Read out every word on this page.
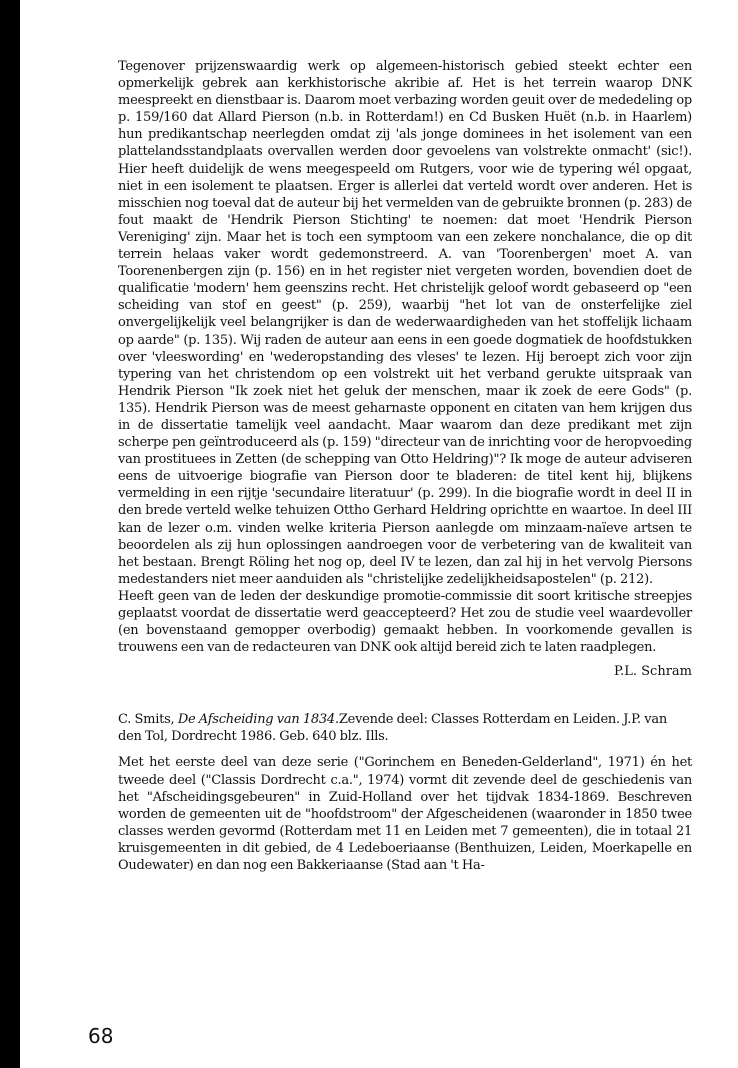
Tegenover prijzenswaardig werk op algemeen-historisch gebied steekt echter een opmerkelijk gebrek aan kerkhistorische akribie af. Het is het terrein waarop DNK meespreekt en dienstbaar is. Daarom moet verbazing worden geuit over de mededeling op p. 159/160 dat Allard Pierson (n.b. in Rotterdam!) en Cd Busken Huët (n.b. in Haarlem) hun predikantschap neerlegden omdat zij 'als jonge dominees in het isolement van een plattelandsstandplaats overvallen werden door gevoelens van volstrekte onmacht' (sic!). Hier heeft duidelijk de wens meegespeeld om Rutgers, voor wie de typering wél opgaat, niet in een isolement te plaatsen. Erger is allerlei dat verteld wordt over anderen. Het is misschien nog toeval dat de auteur bij het vermelden van de gebruikte bronnen (p. 283) de fout maakt de 'Hendrik Pierson Stichting' te noemen: dat moet 'Hendrik Pierson Vereniging' zijn. Maar het is toch een symptoom van een zekere nonchalance, die op dit terrein helaas vaker wordt gedemonstreerd. A. van 'Toorenbergen' moet A. van Toorenenbergen zijn (p. 156) en in het register niet vergeten worden, bovendien doet de qualificatie 'modern' hem geenszins recht. Het christelijk geloof wordt gebaseerd op "een scheiding van stof en geest" (p. 259), waarbij "het lot van de onsterfelijke ziel onvergelijkelijk veel belangrijker is dan de wederwaardigheden van het stoffelijk lichaam op aarde" (p. 135). Wij raden de auteur aan eens in een goede dogmatiek de hoofdstukken over 'vleeswording' en 'wederopstanding des vleses' te lezen. Hij beroept zich voor zijn typering van het christendom op een volstrekt uit het verband gerukte uitspraak van Hendrik Pierson "Ik zoek niet het geluk der menschen, maar ik zoek de eere Gods" (p. 135). Hendrik Pierson was de meest geharnaste opponent en citaten van hem krijgen dus in de dissertatie tamelijk veel aandacht. Maar waarom dan deze predikant met zijn scherpe pen geïntroduceerd als (p. 159) "directeur van de inrichting voor de heropvoeding van prostituees in Zetten (de schepping van Otto Heldring)"? Ik moge de auteur adviseren eens de uitvoerige biografie van Pierson door te bladeren: de titel kent hij, blijkens vermelding in een rijtje 'secundaire literatuur' (p. 299). In die biografie wordt in deel II in den brede verteld welke tehuizen Ottho Gerhard Heldring oprichtte en waartoe. In deel III kan de lezer o.m. vinden welke kriteria Pierson aanlegde om minzaam-naïeve artsen te beoordelen als zij hun oplossingen aandroegen voor de verbetering van de kwaliteit van het bestaan. Brengt Röling het nog op, deel IV te lezen, dan zal hij in het vervolg Piersons medestanders niet meer aanduiden als "christelijke zedelijkheidsapostelen" (p. 212).

Heeft geen van de leden der deskundige promotie-commissie dit soort kritische streepjes geplaatst voordat de dissertatie werd geaccepteerd? Het zou de studie veel waardevoller (en bovenstaand gemopper overbodig) gemaakt hebben. In voorkomende gevallen is trouwens een van de redacteuren van DNK ook altijd bereid zich te laten raadplegen.

P.L. Schram

C. Smits, De Afscheiding van 1834.Zevende deel: Classes Rotterdam en Leiden. J.P. van den Tol, Dordrecht 1986. Geb. 640 blz. Ills.

Met het eerste deel van deze serie ("Gorinchem en Beneden-Gelderland", 1971) én het tweede deel ("Classis Dordrecht c.a.", 1974) vormt dit zevende deel de geschiedenis van het "Afscheidingsgebeuren" in Zuid-Holland over het tijdvak 1834-1869. Beschreven worden de gemeenten uit de "hoofdstroom" der Afgescheidenen (waaronder in 1850 twee classes werden gevormd (Rotterdam met 11 en Leiden met 7 gemeenten), die in totaal 21 kruisgemeenten in dit gebied, de 4 Ledeboeriaanse (Benthuizen, Leiden, Moerkapelle en Oudewater) en dan nog een Bakkeriaanse (Stad aan 't Ha-

68
